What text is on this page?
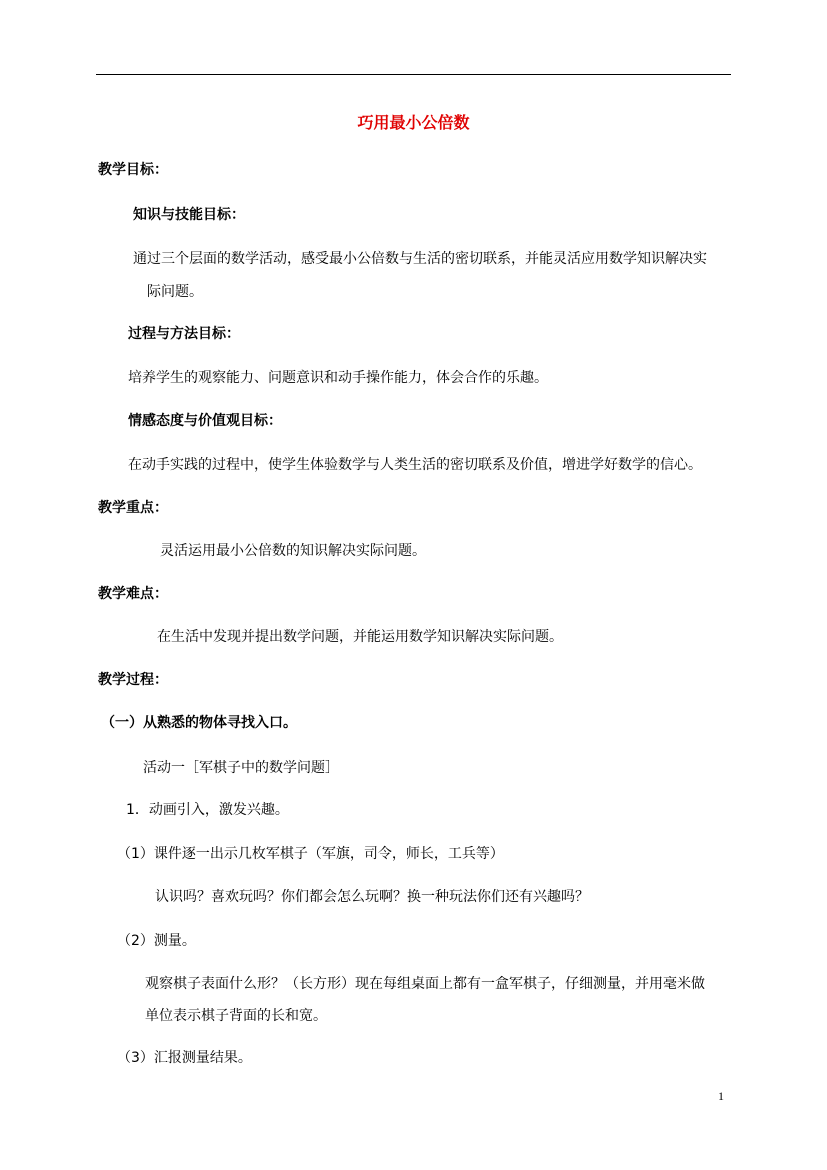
巧用最小公倍数
教学目标：
知识与技能目标：
通过三个层面的数学活动，感受最小公倍数与生活的密切联系，并能灵活应用数学知识解决实
际问题。
过程与方法目标：
培养学生的观察能力、问题意识和动手操作能力，体会合作的乐趣。
情感态度与价值观目标：
在动手实践的过程中，使学生体验数学与人类生活的密切联系及价值，增进学好数学的信心。
教学重点：
灵活运用最小公倍数的知识解决实际问题。
教学难点：
在生活中发现并提出数学问题，并能运用数学知识解决实际问题。
教学过程：
（一）从熟悉的物体寻找入口。
活动一［军棋子中的数学问题］
1．动画引入，激发兴趣。
（1）课件逐一出示几枚军棋子（军旗，司令，师长，工兵等）
认识吗？喜欢玩吗？你们都会怎么玩啊？换一种玩法你们还有兴趣吗？
（2）测量。
观察棋子表面什么形？（长方形）现在每组桌面上都有一盒军棋子，仔细测量，并用毫米做
单位表示棋子背面的长和宽。
（3）汇报测量结果。
1
